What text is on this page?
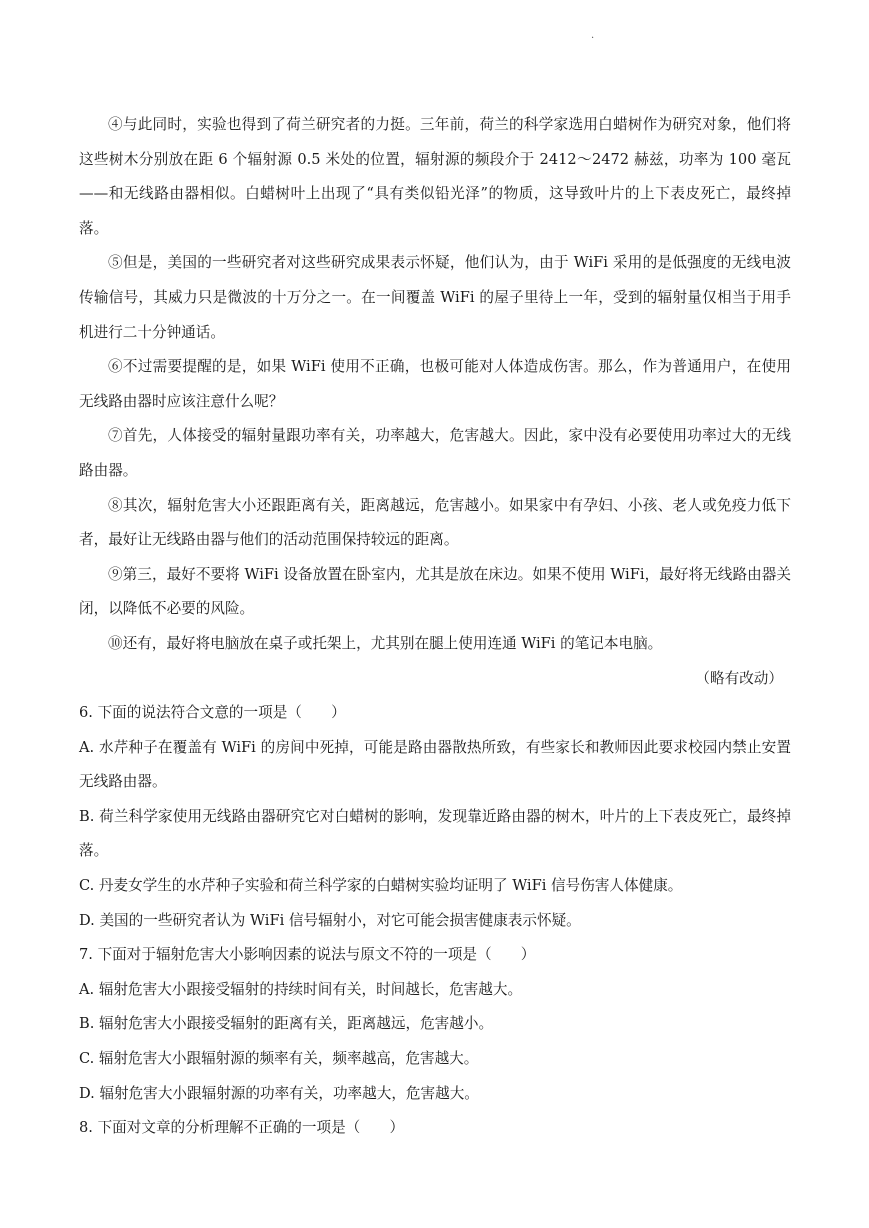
.

④与此同时，实验也得到了荷兰研究者的力挺。三年前，荷兰的科学家选用白蜡树作为研究对象，他们将这些树木分别放在距 6 个辐射源 0.5 米处的位置，辐射源的频段介于 2412～2472 赫兹，功率为 100 毫瓦——和无线路由器相似。白蜡树叶上出现了“具有类似铅光泽”的物质，这导致叶片的上下表皮死亡，最终掉落。

⑤但是，美国的一些研究者对这些研究成果表示怀疑，他们认为，由于 WiFi 采用的是低强度的无线电波传输信号，其威力只是微波的十万分之一。在一间覆盖 WiFi 的屋子里待上一年，受到的辐射量仅相当于用手机进行二十分钟通话。

⑥不过需要提醒的是，如果 WiFi 使用不正确，也极可能对人体造成伤害。那么，作为普通用户，在使用无线路由器时应该注意什么呢？

⑦首先，人体接受的辐射量跟功率有关，功率越大，危害越大。因此，家中没有必要使用功率过大的无线路由器。

⑧其次，辐射危害大小还跟距离有关，距离越远，危害越小。如果家中有孕妇、小孩、老人或免疫力低下者，最好让无线路由器与他们的活动范围保持较远的距离。

⑨第三，最好不要将 WiFi 设备放置在卧室内，尤其是放在床边。如果不使用 WiFi，最好将无线路由器关闭，以降低不必要的风险。

⑩还有，最好将电脑放在桌子或托架上，尤其别在腿上使用连通 WiFi 的笔记本电脑。

（略有改动）

6. 下面的说法符合文意的一项是（　　）

A. 水芹种子在覆盖有 WiFi 的房间中死掉，可能是路由器散热所致，有些家长和教师因此要求校园内禁止安置无线路由器。

B. 荷兰科学家使用无线路由器研究它对白蜡树的影响，发现靠近路由器的树木，叶片的上下表皮死亡，最终掉落。

C. 丹麦女学生的水芹种子实验和荷兰科学家的白蜡树实验均证明了 WiFi 信号伤害人体健康。

D. 美国的一些研究者认为 WiFi 信号辐射小，对它可能会损害健康表示怀疑。

7. 下面对于辐射危害大小影响因素的说法与原文不符的一项是（　　）

A. 辐射危害大小跟接受辐射的持续时间有关，时间越长，危害越大。

B. 辐射危害大小跟接受辐射的距离有关，距离越远，危害越小。

C. 辐射危害大小跟辐射源的频率有关，频率越高，危害越大。

D. 辐射危害大小跟辐射源的功率有关，功率越大，危害越大。

8. 下面对文章的分析理解不正确的一项是（　　）
